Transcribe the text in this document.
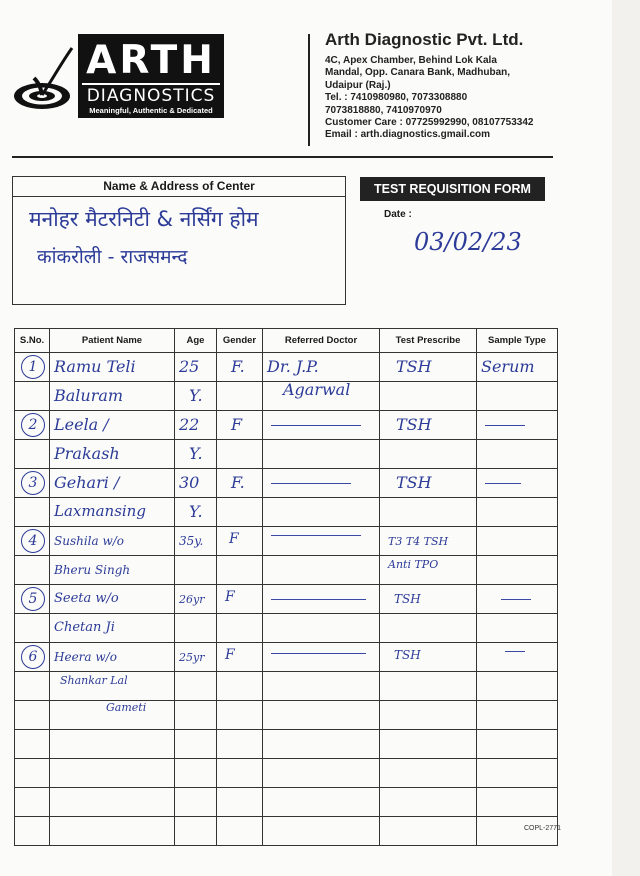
ARTH
DIAGNOSTICS
Meaningful, Authentic & Dedicated
Arth Diagnostic Pvt. Ltd.
4C, Apex Chamber, Behind Lok Kala
Mandal, Opp. Canara Bank, Madhuban,
Udaipur (Raj.)
Tel. : 7410980980, 7073308880
7073818880, 7410970970
Customer Care : 07725992990, 08107753342
Email : arth.diagnostics.gmail.com
Name & Address of Center
मनोहर मैटरनिटी & नर्सिंग होम
कांकरोली - राजसमन्द
TEST REQUISITION FORM
Date :
03/02/23
S.No.	Patient Name	Age	Gender	Referred Doctor	Test Prescribe	Sample Type

1	Ramu Teli	25	F.	Dr. J.P.	TSH	Serum

	Baluram	Y.		Agarwal		

2	Leela /	22	F		TSH	

	Prakash	Y.				

3	Gehari /	30	F.		TSH	

	Laxmansing	Y.				

4	Sushila w/o	35y.	F		T3 T4 TSH	

	Bheru Singh				Anti TPO	

5	Seeta w/o	26yr	F		TSH	

	Chetan Ji					

6	Heera w/o	25yr	F		TSH	

	Shankar Lal					

	Gameti					

COPL-2771
